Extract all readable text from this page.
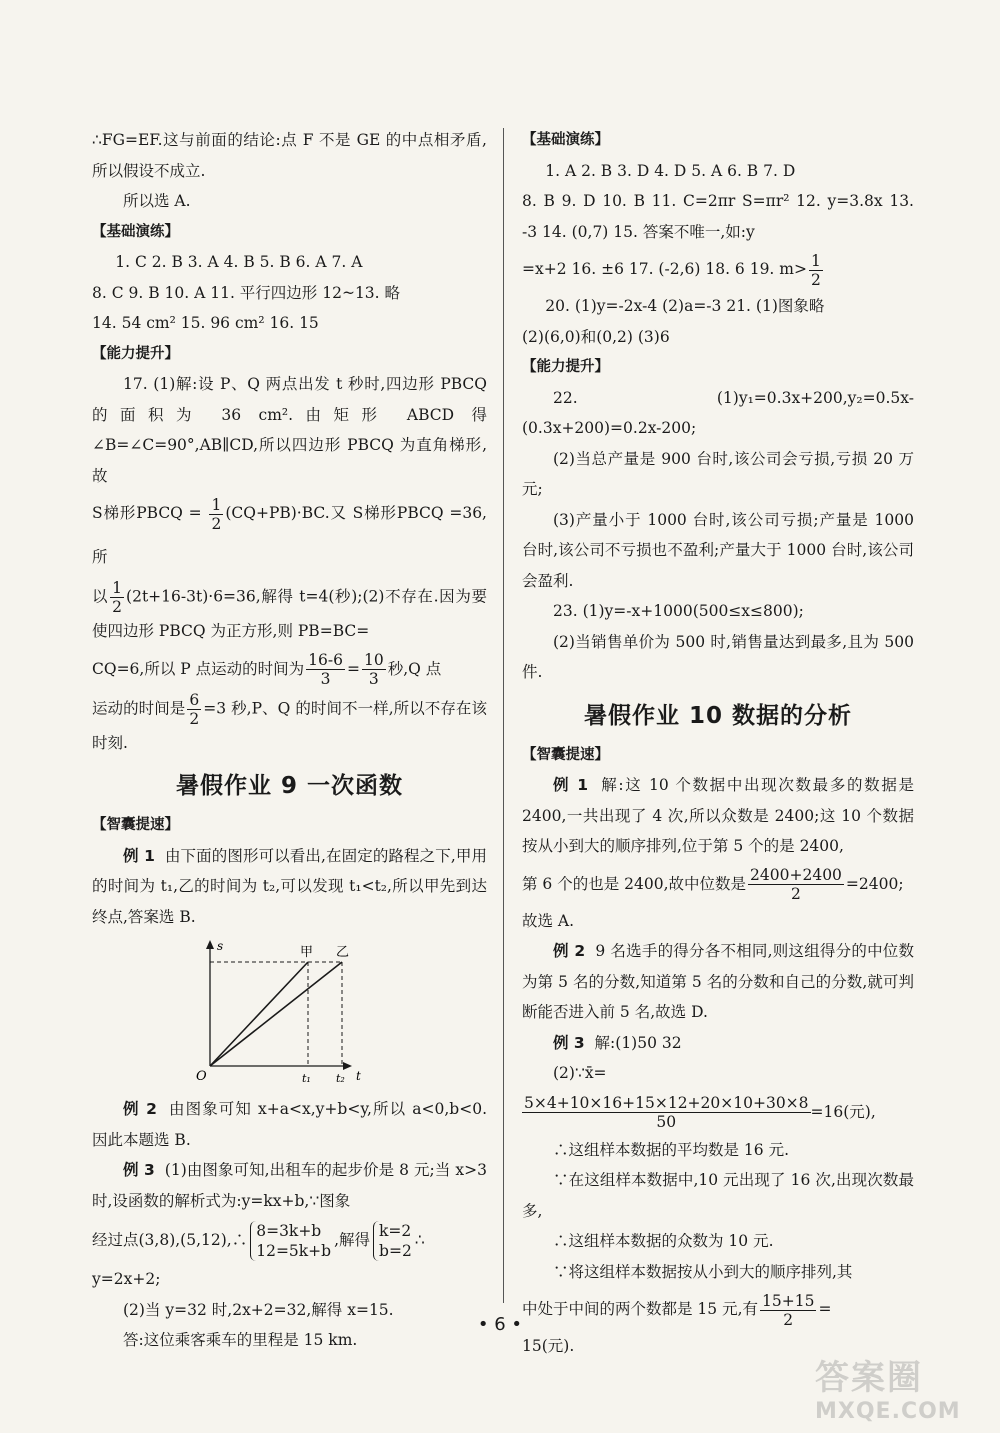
∴FG=EF.这与前面的结论:点 F 不是 GE 的中点相矛盾,所以假设不成立.

所以选 A.

【基础演练】

1. C 2. B 3. A 4. B 5. B 6. A 7. A

8. C 9. B 10. A 11. 平行四边形 12~13. 略

14. 54 cm² 15. 96 cm² 16. 15

【能力提升】

17. (1)解:设 P、Q 两点出发 t 秒时,四边形 PBCQ 的面积为 36 cm².由矩形 ABCD 得∠B=∠C=90°,AB∥CD,所以四边形 PBCQ 为直角梯形,故

S梯形PBCQ = $\frac{1}{2} (CQ+PB)\cdot BC$.又 S梯形PBCQ =36,所

以 $\frac{1}{2} (2t+16-3t)\cdot 6=36$,解得 t=4(秒);(2)不存在.因为要使四边形 PBCQ 为正方形,则 PB=BC=

CQ=6,所以 P 点运动的时间为 $\frac{16-6}{3} = \frac{10}{3}$ 秒,Q 点

运动的时间是 $\frac{6}{2} =3$ 秒,P、Q 的时间不一样,所以不存在该时刻.

暑假作业 9 一次函数

【智囊提速】

例 1 由下面的图形可以看出,在固定的路程之下,甲用的时间为 t₁,乙的时间为 t₂,可以发现 t₁<t₂,所以甲先到达终点,答案选 B.

s
O	t₁ t₂ t
甲 乙

例 2 由图象可知 x+a<x,y+b<y,所以 a<0,b<0.因此本题选 B.

例 3 (1)由图象可知,出租车的起步价是 8 元;当 x>3 时,设函数的解析式为:y=kx+b,∵图象

经过点(3,8),(5,12),∴ 8=3k+b
12=5k+b
,解得 k=2
b=2
∴

y=2x+2;

(2)当 y=32 时,2x+2=32,解得 x=15.

答:这位乘客乘车的里程是 15 km.

【基础演练】

1. A 2. B 3. D 4. D 5. A 6. B 7. D

8. B 9. D 10. B 11. C=2πr S=πr² 12. y=3.8x 13. -3 14. (0,7) 15. 答案不唯一,如:y

=x+2 16. ±6 17. (-2,6) 18. 6 19. $m> \frac{1}{2}$

20. (1)y=-2x-4 (2)a=-3 21. (1)图象略

(2)(6,0)和(0,2) (3)6

【能力提升】

22. (1)y₁=0.3x+200,y₂=0.5x-(0.3x+200)=0.2x-200;

(2)当总产量是 900 台时,该公司会亏损,亏损 20 万元;

(3)产量小于 1000 台时,该公司亏损;产量是 1000 台时,该公司不亏损也不盈利;产量大于 1000 台时,该公司会盈利.

23. (1)y=-x+1000(500≤x≤800);

(2)当销售单价为 500 时,销售量达到最多,且为 500 件.

暑假作业 10 数据的分析

【智囊提速】

例 1 解:这 10 个数据中出现次数最多的数据是 2400,一共出现了 4 次,所以众数是 2400;这 10 个数据按从小到大的顺序排列,位于第 5 个的是 2400,

第 6 个的也是 2400,故中位数是 $\frac{2400+2400}{2} =2400$;

故选 A.

例 2 9 名选手的得分各不相同,则这组得分的中位数为第 5 名的分数,知道第 5 名的分数和自己的分数,就可判断能否进入前 5 名,故选 D.

例 3 解:(1)50 32

(2)∵x̄=

$\frac{5\times 4+10\times 16+15\times 12+20\times 10+30\times 8}{50} =16$(元),

∴这组样本数据的平均数是 16 元.

∵在这组样本数据中,10 元出现了 16 次,出现次数最多,

∴这组样本数据的众数为 10 元.

∵将这组样本数据按从小到大的顺序排列,其

中处于中间的两个数都是 15 元,有 $\frac{15+15}{2}$ =

15(元).

• 6 •
答案圈
MXQE.COM
